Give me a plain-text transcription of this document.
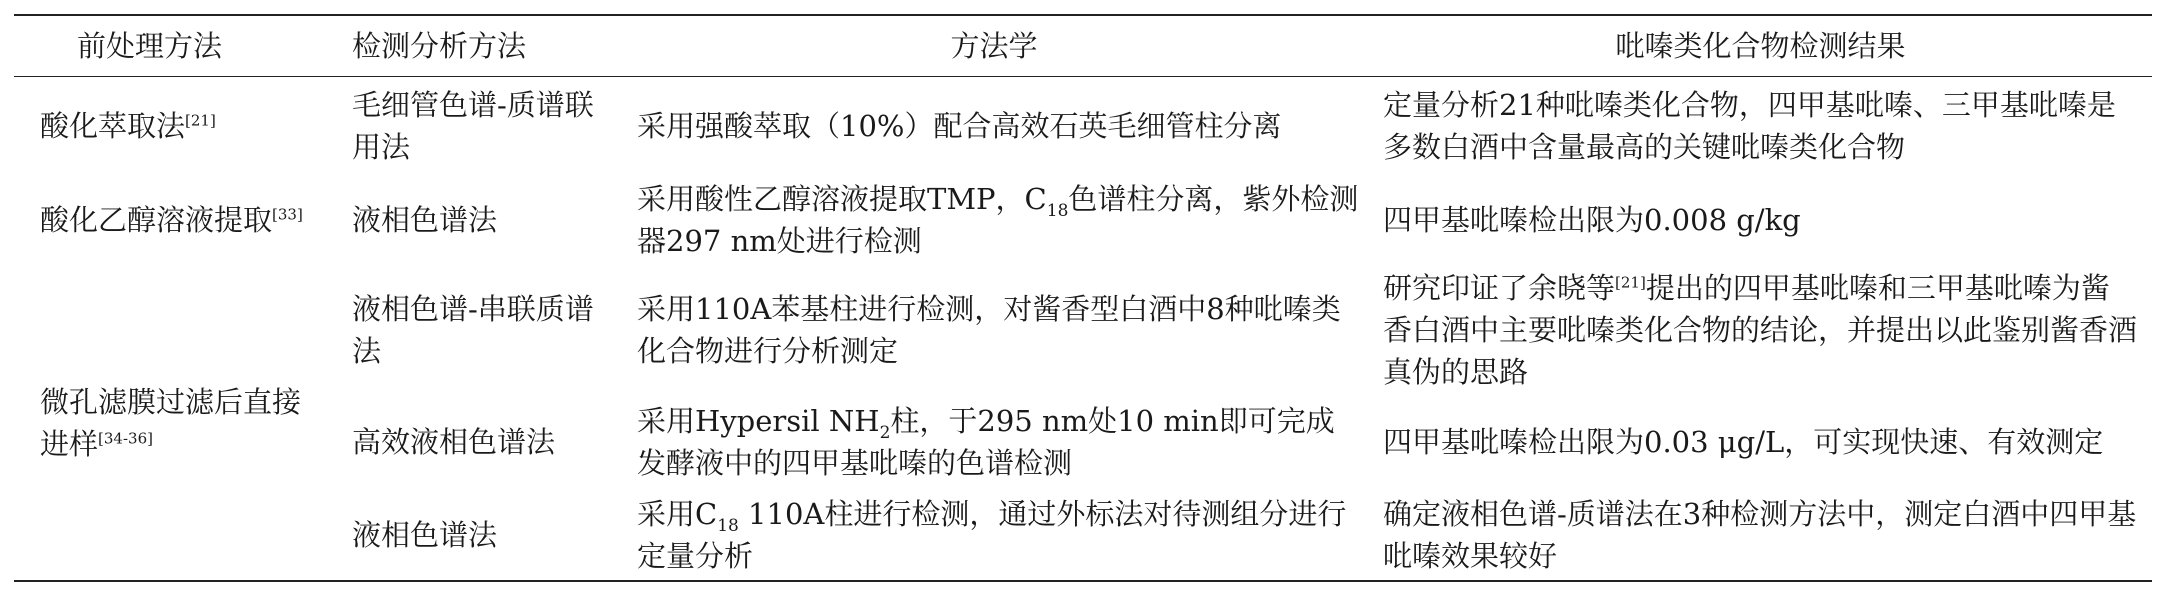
前处理方法	检测分析方法	方法学	吡嗪类化合物检测结果
酸化萃取法[21]	毛细管色谱-质谱联用法	采用强酸萃取（10%）配合高效石英毛细管柱分离	定量分析21种吡嗪类化合物，四甲基吡嗪、三甲基吡嗪是多数白酒中含量最高的关键吡嗪类化合物
酸化乙醇溶液提取[33]	液相色谱法	采用酸性乙醇溶液提取TMP，$C_{18}$色谱柱分离，紫外检测器297 nm处进行检测	四甲基吡嗪检出限为0.008 g/kg
微孔滤膜过滤后直接进样[34-36]	液相色谱-串联质谱法	采用110A苯基柱进行检测，对酱香型白酒中8种吡嗪类化合物进行分析测定	研究印证了余晓等[21]提出的四甲基吡嗪和三甲基吡嗪为酱香白酒中主要吡嗪类化合物的结论，并提出以此鉴别酱香酒真伪的思路
	高效液相色谱法	采用Hypersil $NH_2$柱，于295 nm处10 min即可完成发酵液中的四甲基吡嗪的色谱检测	四甲基吡嗪检出限为0.03 μg/L，可实现快速、有效测定
	液相色谱法	采用$C_{18}$ 110A柱进行检测，通过外标法对待测组分进行定量分析	确定液相色谱-质谱法在3种检测方法中，测定白酒中四甲基吡嗪效果较好
